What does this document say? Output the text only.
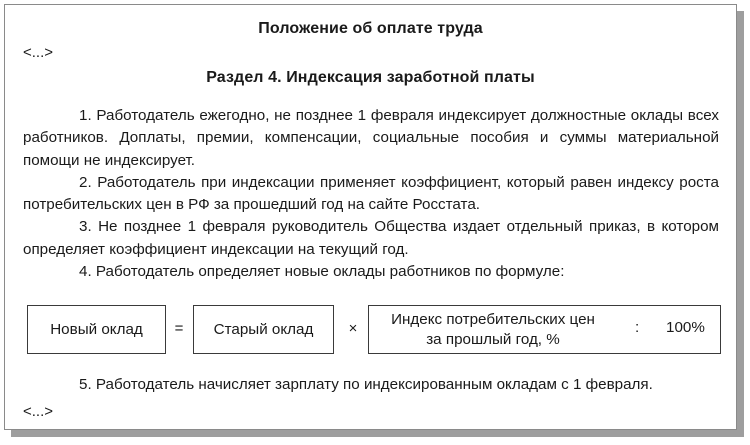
Положение об оплате труда
<...>
Раздел 4. Индексация заработной платы

1. Работодатель ежегодно, не позднее 1 февраля индексирует должностные оклады всех работников. Доплаты, премии, компенсации, социальные пособия и суммы материальной помощи не индексирует.

2. Работодатель при индексации применяет коэффициент, который равен индексу роста потребительских цен в РФ за прошедший год на сайте Росстата.

3. Не позднее 1 февраля руководитель Общества издает отдельный приказ, в котором определяет коэффициент индексации на текущий год.

4. Работодатель определяет новые оклады работников по формуле:

Новый оклад	=	Старый оклад	×
Индекс потребительских цен
за прошлый год, %
: 100%

5. Работодатель начисляет зарплату по индексированным окладам с 1 февраля.

<...>
